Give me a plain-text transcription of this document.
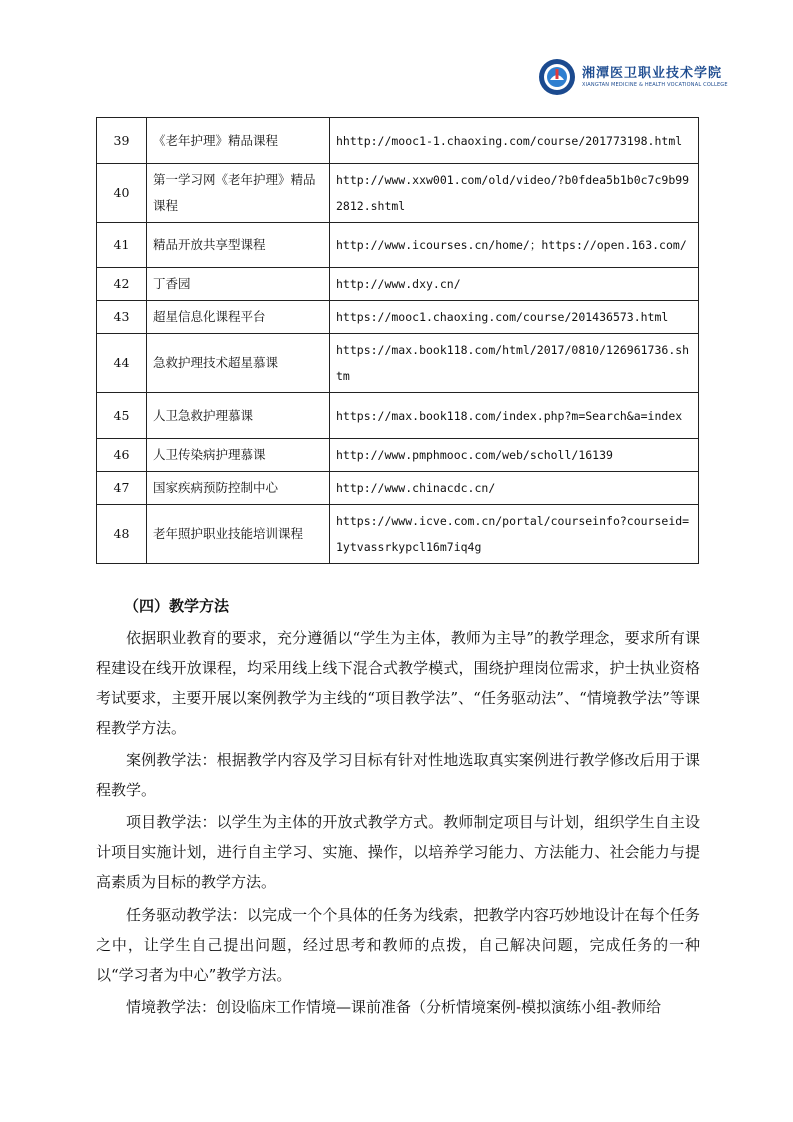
湘潭医卫职业技术学院
XIANGTAN MEDICINE & HEALTH VOCATIONAL COLLEGE
39	《老年护理》精品课程	hhttp://mooc1-1.chaoxing.com/course/201773198.html
40	第一学习网《老年护理》精品课程	http://www.xxw001.com/old/video/?b0fdea5b1b0c7c9b992812.shtml
41	精品开放共享型课程	http://www.icourses.cn/home/；https://open.163.com/
42	丁香园	http://www.dxy.cn/
43	超星信息化课程平台	https://mooc1.chaoxing.com/course/201436573.html
44	急救护理技术超星慕课	https://max.book118.com/html/2017/0810/126961736.shtm
45	人卫急救护理慕课	https://max.book118.com/index.php?m=Search&a=index
46	人卫传染病护理慕课	http://www.pmphmooc.com/web/scholl/16139
47	国家疾病预防控制中心	http://www.chinacdc.cn/
48	老年照护职业技能培训课程	https://www.icve.com.cn/portal/courseinfo?courseid=1ytvassrkypcl16m7iq4g
（四）教学方法
依据职业教育的要求，充分遵循以“学生为主体，教师为主导”的教学理念，要求所有课程建设在线开放课程，均采用线上线下混合式教学模式，围绕护理岗位需求，护士执业资格考试要求，主要开展以案例教学为主线的“项目教学法”、“任务驱动法”、“情境教学法”等课程教学方法。
案例教学法：根据教学内容及学习目标有针对性地选取真实案例进行教学修改后用于课程教学。
项目教学法：以学生为主体的开放式教学方式。教师制定项目与计划，组织学生自主设计项目实施计划，进行自主学习、实施、操作，以培养学习能力、方法能力、社会能力与提高素质为目标的教学方法。
任务驱动教学法：以完成一个个具体的任务为线索，把教学内容巧妙地设计在每个任务之中，让学生自己提出问题，经过思考和教师的点拨，自己解决问题，完成任务的一种以“学习者为中心”教学方法。
情境教学法：创设临床工作情境—课前准备（分析情境案例-模拟演练小组-教师给
